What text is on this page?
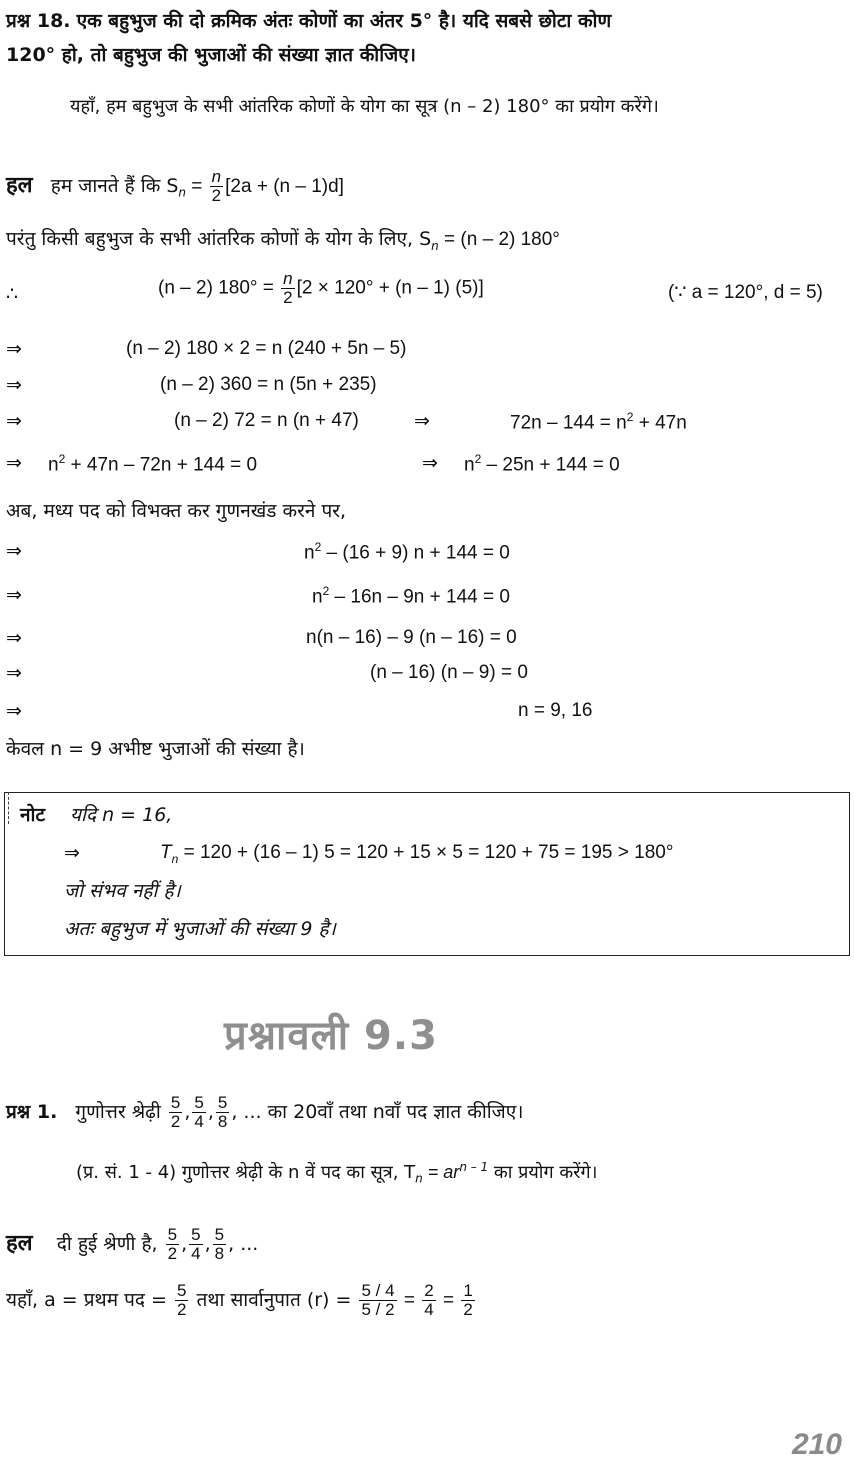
प्रश्न 18. एक बहुभुज की दो क्रमिक अंतः कोणों का अंतर 5° है। यदि सबसे छोटा कोण
120° हो, तो बहुभुज की भुजाओं की संख्या ज्ञात कीजिए।
यहाँ, हम बहुभुज के सभी आंतरिक कोणों के योग का सूत्र (n – 2) 180° का प्रयोग करेंगे।
हल हम जानते हैं कि $S_n = \frac{n}{2} [2a + (n - 1)d]$
परंतु किसी बहुभुज के सभी आंतरिक कोणों के योग के लिए, $S_n = (n - 2)$ 180°
∴	(n – 2) $180^\circ = \frac{n}{2} [2 \times 120^\circ + (n - 1)$ (5)]	(∵ a = 120°, d = 5)
⇒	(n – 2) 180 × 2 = n (240 + 5n – 5)
⇒	(n – 2) 360 = n (5n + 235)
⇒	(n – 2) 72 = n (n + 47)	⇒	$72n - 144 = n^2 + 47n$
⇒ $n^2 + 47n - 72n + 144 = 0$	⇒ $n^2 - 25n + 144 = 0$
अब, मध्य पद को विभक्त कर गुणनखंड करने पर,
⇒	$n^2 - (16 + 9) n + 144 = 0$
⇒	$n^2 - 16n - 9n + 144 = 0$
⇒	n(n – 16) – 9 (n – 16) = 0
⇒	(n – 16) (n – 9) = 0
⇒	n = 9, 16
केवल n = 9 अभीष्ट भुजाओं की संख्या है।
नोट यदि n = 16,
⇒	$T_n = 120 + (16 - 1) 5 = 120 + 15 \times 5 = 120 + 75 = 195 > 180^\circ$
जो संभव नहीं है।
अतः बहुभुज में भुजाओं की संख्या 9 है।
प्रश्नावली 9.3
प्रश्न 1. गुणोत्तर श्रेढ़ी $\frac{5}{2}$ , $\frac{5}{4}$ , $\frac{5}{8}$ , ... का 20वाँ तथा nवाँ पद ज्ञात कीजिए।
(प्र. सं. 1 - 4) गुणोत्तर श्रेढ़ी के n वें पद का सूत्र, $T_n = ar^{n - 1}$ का प्रयोग करेंगे।
हल दी हुई श्रेणी है, $\frac{5}{2}$ , $\frac{5}{4}$ , $\frac{5}{8}$ , ...
यहाँ, a = प्रथम पद = $\frac{5}{2}$ तथा सार्वानुपात $(r) = \frac{5 / 4}{5 / 2} = \frac{2}{4} = \frac{1}{2}$
210
